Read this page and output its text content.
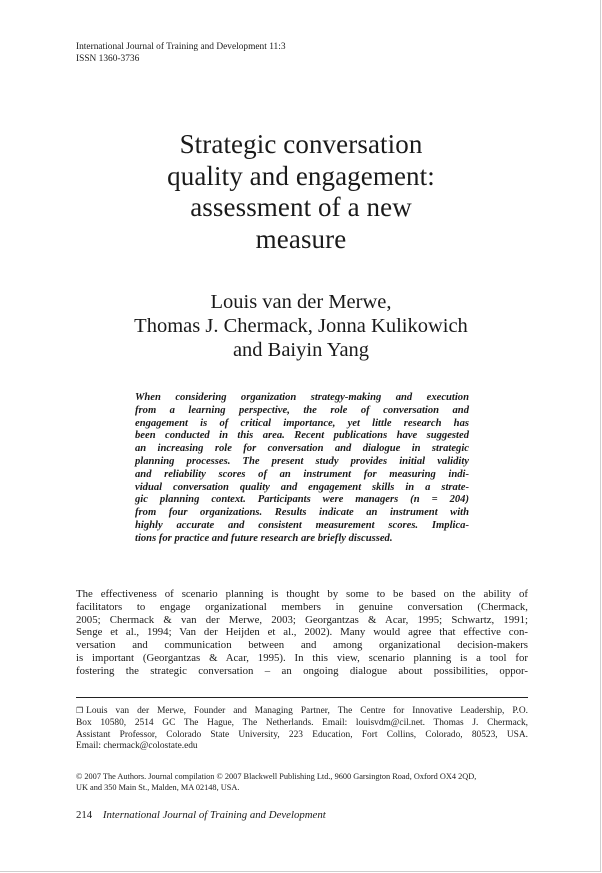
International Journal of Training and Development 11:3
ISSN 1360-3736
Strategic conversation
quality and engagement:
assessment of a new
measure
Louis van der Merwe,
Thomas J. Chermack, Jonna Kulikowich
and Baiyin Yang
When considering organization strategy-making and execution
from a learning perspective, the role of conversation and
engagement is of critical importance, yet little research has
been conducted in this area. Recent publications have suggested
an increasing role for conversation and dialogue in strategic
planning processes. The present study provides initial validity
and reliability scores of an instrument for measuring indi-
vidual conversation quality and engagement skills in a strate-
gic planning context. Participants were managers (n = 204)
from four organizations. Results indicate an instrument with
highly accurate and consistent measurement scores. Implica-
tions for practice and future research are briefly discussed.
The effectiveness of scenario planning is thought by some to be based on the ability of
facilitators to engage organizational members in genuine conversation (Chermack,
2005; Chermack & van der Merwe, 2003; Georgantzas & Acar, 1995; Schwartz, 1991;
Senge et al., 1994; Van der Heijden et al., 2002). Many would agree that effective con-
versation and communication between and among organizational decision-makers
is important (Georgantzas & Acar, 1995). In this view, scenario planning is a tool for
fostering the strategic conversation – an ongoing dialogue about possibilities, oppor-
❐ Louis van der Merwe, Founder and Managing Partner, The Centre for Innovative Leadership, P.O.
Box 10580, 2514 GC The Hague, The Netherlands. Email: louisvdm@cil.net. Thomas J. Chermack,
Assistant Professor, Colorado State University, 223 Education, Fort Collins, Colorado, 80523, USA.
Email: chermack@colostate.edu
© 2007 The Authors. Journal compilation © 2007 Blackwell Publishing Ltd., 9600 Garsington Road, Oxford OX4 2QD,
UK and 350 Main St., Malden, MA 02148, USA.
214 International Journal of Training and Development
